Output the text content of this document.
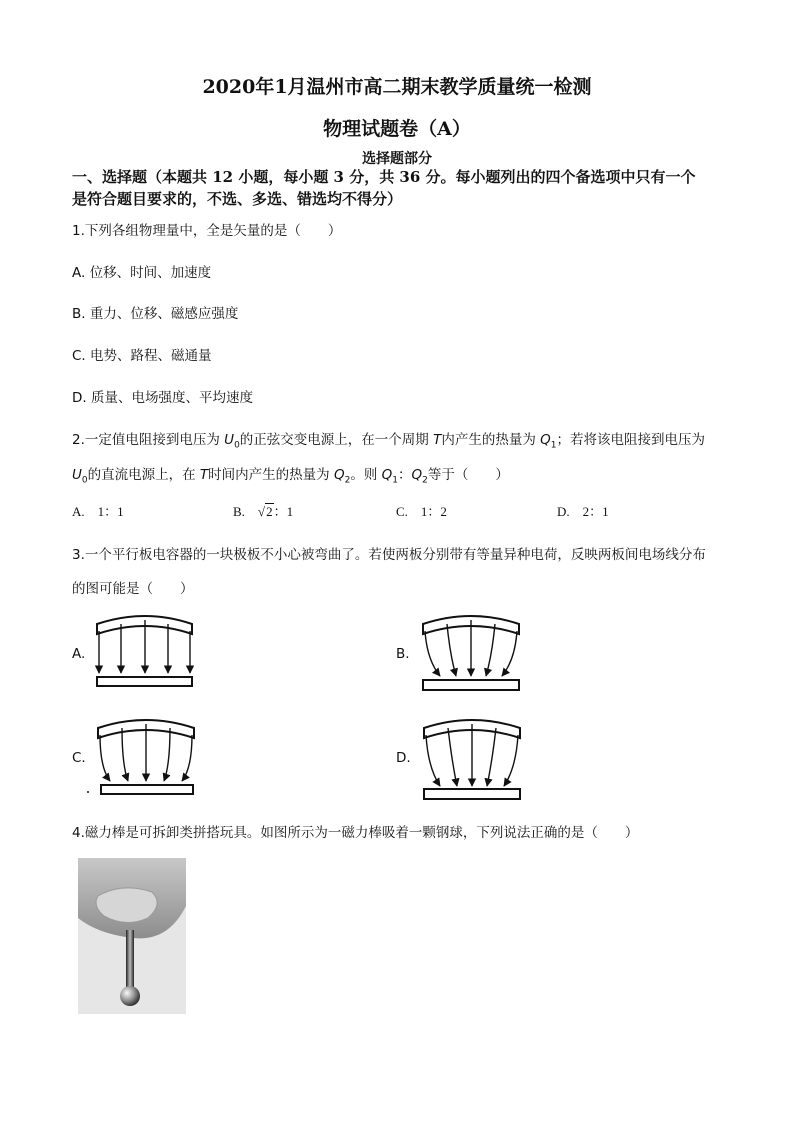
2020年1月温州市高二期末教学质量统一检测
物理试题卷（A）
选择题部分
一、选择题（本题共 12 小题，每小题 3 分，共 36 分。每小题列出的四个备选项中只有一个
是符合题目要求的，不选、多选、错选均不得分）
1.下列各组物理量中，全是矢量的是（　　）
A. 位移、时间、加速度
B. 重力、位移、磁感应强度
C. 电势、路程、磁通量
D. 质量、电场强度、平均速度
2.一定值电阻接到电压为 $U_0$的正弦交变电源上，在一个周期 T内产生的热量为 $Q_1$；若将该电阻接到电压为
$U_0$的直流电源上，在 T时间内产生的热量为 $Q_2$。则 $Q_1$：$Q_2$等于（　　）
A.　1：1	B.　√2：1	C.　1：2	D.　2：1
3.一个平行板电容器的一块极板不小心被弯曲了。若使两板分别带有等量异种电荷，反映两板间电场线分布
的图可能是（　　）
A.	B.
C.	D.
4.磁力棒是可拆卸类拼搭玩具。如图所示为一磁力棒吸着一颗钢球，下列说法正确的是（　　）
